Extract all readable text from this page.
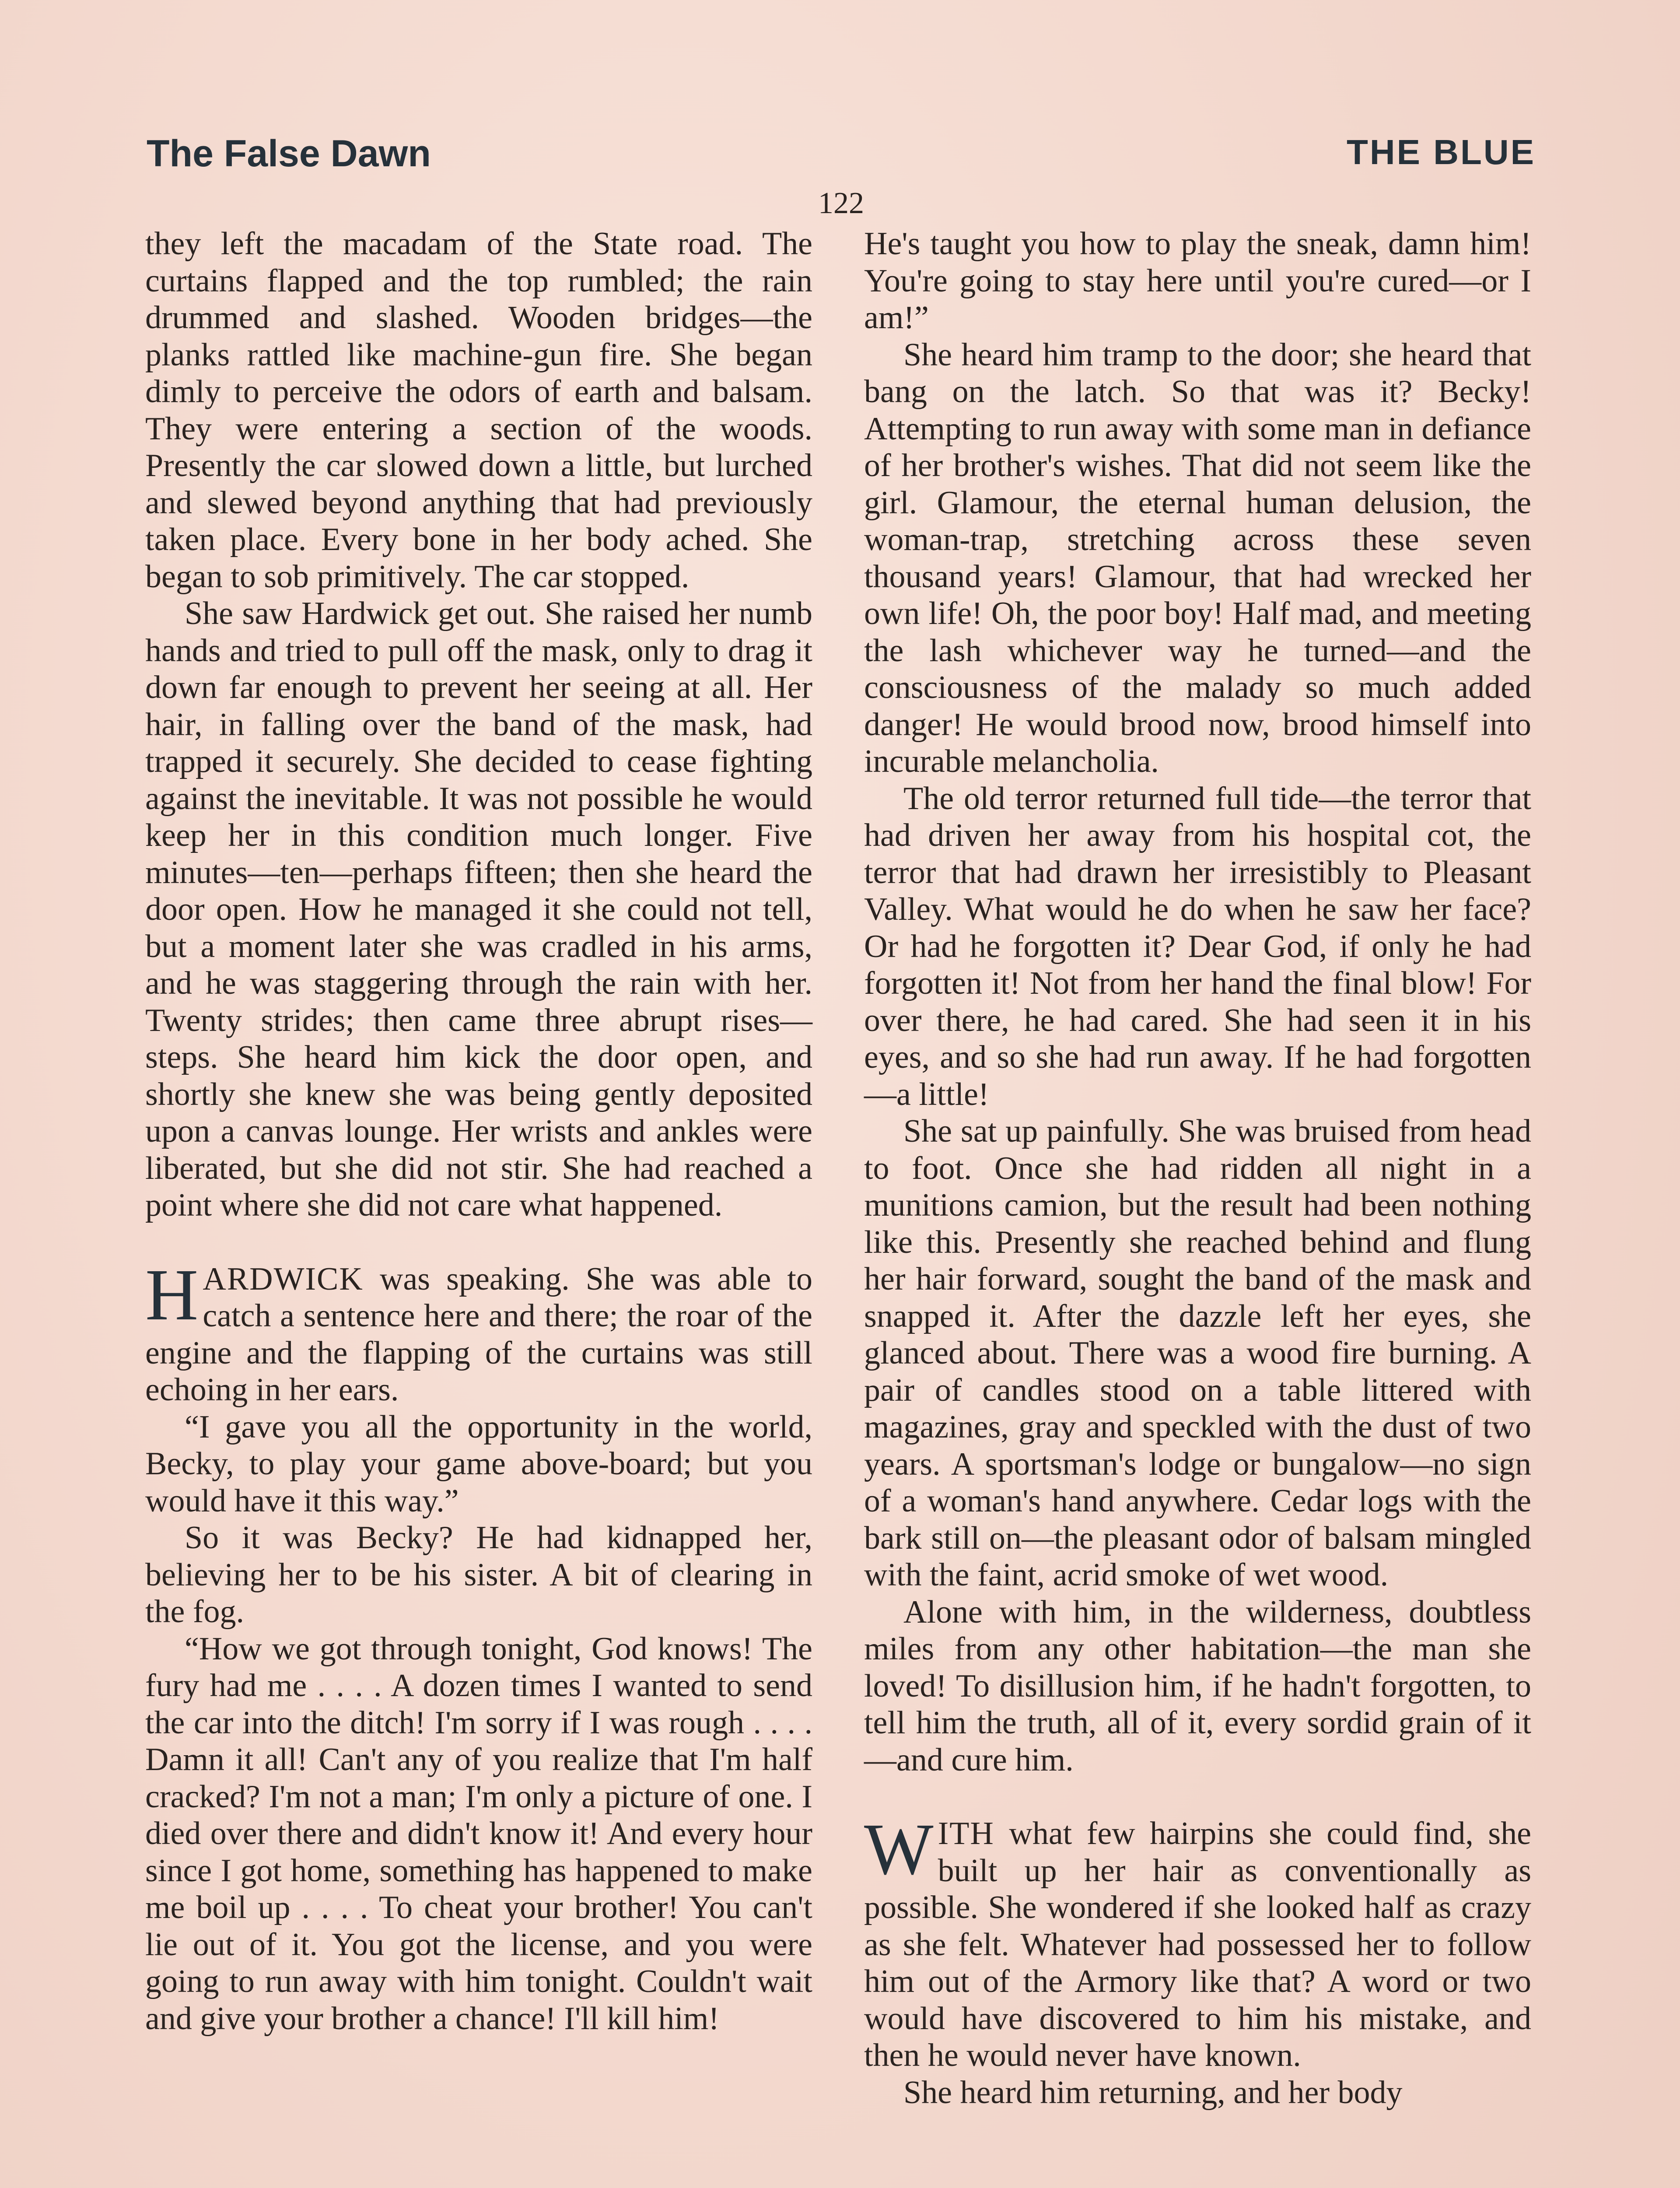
The False Dawn	THE BLUE
122

they left the macadam of the State road. The curtains flapped and the top rumbled; the rain drummed and slashed. Wooden bridges—the planks rattled like machine-gun fire. She began dimly to perceive the odors of earth and balsam. They were entering a section of the woods. Presently the car slowed down a little, but lurched and slewed beyond anything that had previously taken place. Every bone in her body ached. She began to sob primitively. The car stopped.

She saw Hardwick get out. She raised her numb hands and tried to pull off the mask, only to drag it down far enough to prevent her seeing at all. Her hair, in falling over the band of the mask, had trapped it securely. She decided to cease fighting against the inevitable. It was not possible he would keep her in this condition much longer. Five minutes—ten—perhaps fifteen; then she heard the door open. How he managed it she could not tell, but a moment later she was cradled in his arms, and he was staggering through the rain with her. Twenty strides; then came three abrupt rises—steps. She heard him kick the door open, and shortly she knew she was being gently deposited upon a canvas lounge. Her wrists and ankles were liberated, but she did not stir. She had reached a point where she did not care what happened.

HARDWICK was speaking. She was able to catch a sentence here and there; the roar of the engine and the flapping of the curtains was still echoing in her ears.

“I gave you all the opportunity in the world, Becky, to play your game above-board; but you would have it this way.”

So it was Becky? He had kidnapped her, believing her to be his sister. A bit of clearing in the fog.

“How we got through tonight, God knows! The fury had me . . . . A dozen times I wanted to send the car into the ditch! I'm sorry if I was rough . . . . Damn it all! Can't any of you realize that I'm half cracked? I'm not a man; I'm only a picture of one. I died over there and didn't know it! And every hour since I got home, something has happened to make me boil up . . . . To cheat your brother! You can't lie out of it. You got the license, and you were going to run away with him tonight. Couldn't wait and give your brother a chance! I'll kill him!

He's taught you how to play the sneak, damn him! You're going to stay here until you're cured—or I am!”

She heard him tramp to the door; she heard that bang on the latch. So that was it? Becky! Attempting to run away with some man in defiance of her brother's wishes. That did not seem like the girl. Glamour, the eternal human delusion, the woman-trap, stretching across these seven thousand years! Glamour, that had wrecked her own life! Oh, the poor boy! Half mad, and meeting the lash whichever way he turned—and the consciousness of the malady so much added danger! He would brood now, brood himself into incurable melancholia.

The old terror returned full tide—the terror that had driven her away from his hospital cot, the terror that had drawn her irresistibly to Pleasant Valley. What would he do when he saw her face? Or had he forgotten it? Dear God, if only he had forgotten it! Not from her hand the final blow! For over there, he had cared. She had seen it in his eyes, and so she had run away. If he had forgotten—a little!

She sat up painfully. She was bruised from head to foot. Once she had ridden all night in a munitions camion, but the result had been nothing like this. Presently she reached behind and flung her hair forward, sought the band of the mask and snapped it. After the dazzle left her eyes, she glanced about. There was a wood fire burning. A pair of candles stood on a table littered with magazines, gray and speckled with the dust of two years. A sportsman's lodge or bungalow—no sign of a woman's hand anywhere. Cedar logs with the bark still on—the pleasant odor of balsam mingled with the faint, acrid smoke of wet wood.

Alone with him, in the wilderness, doubtless miles from any other habitation—the man she loved! To disillusion him, if he hadn't forgotten, to tell him the truth, all of it, every sordid grain of it—and cure him.

WITH what few hairpins she could find, she built up her hair as conventionally as possible. She wondered if she looked half as crazy as she felt. Whatever had possessed her to follow him out of the Armory like that? A word or two would have discovered to him his mistake, and then he would never have known.

She heard him returning, and her body
